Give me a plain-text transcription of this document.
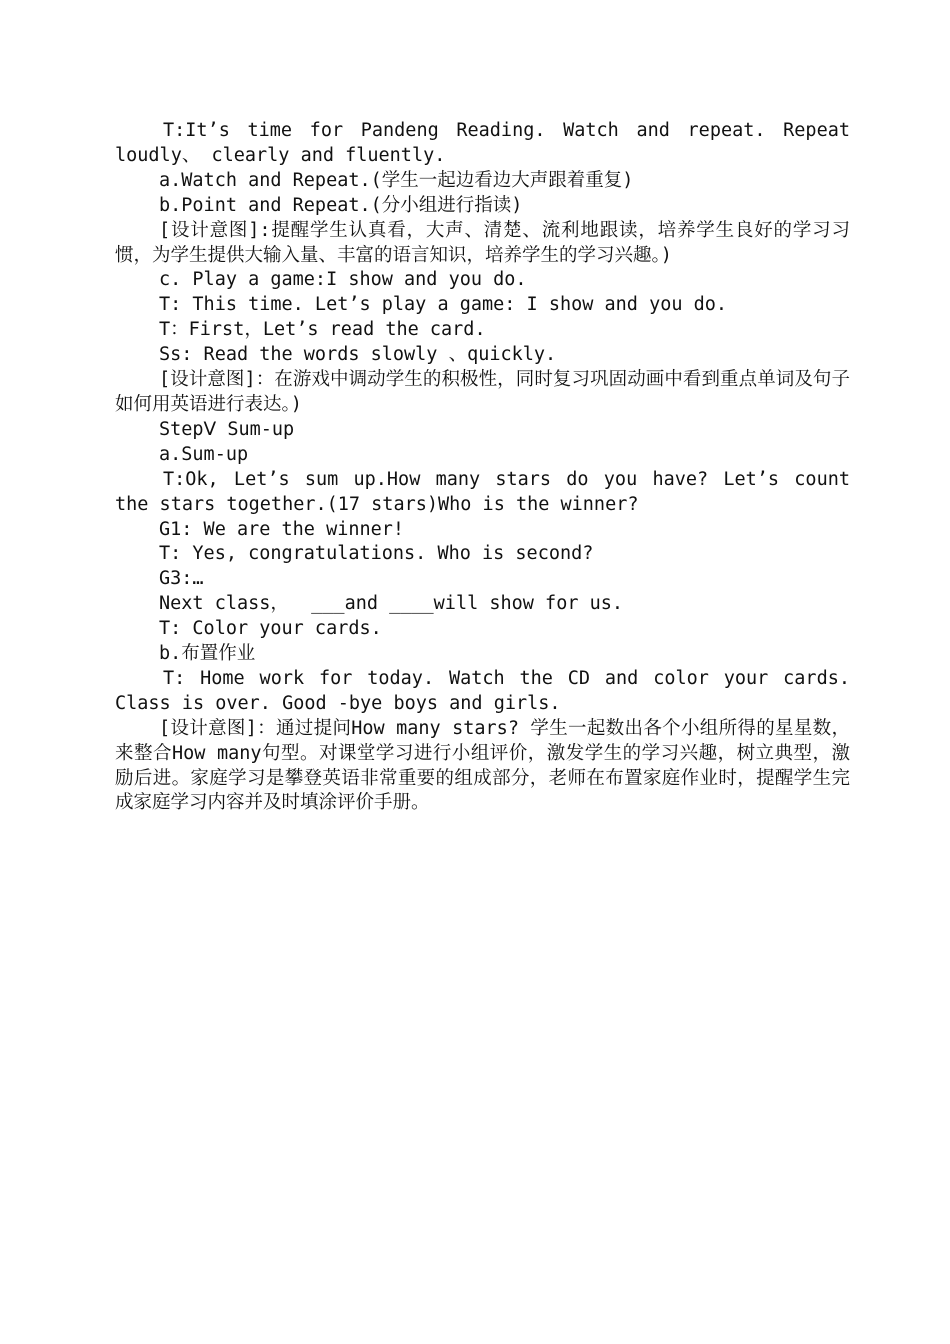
T:It’s time for Pandeng Reading. Watch and repeat. Repeat loudly、 clearly and fluently.

a.Watch and Repeat.(学生一起边看边大声跟着重复)

b.Point and Repeat.(分小组进行指读)

[设计意图]:提醒学生认真看，大声、清楚、流利地跟读，培养学生良好的学习习惯，为学生提供大输入量、丰富的语言知识，培养学生的学习兴趣。)

c. Play a game:I show and you do.

T: This time. Let’s play a game: I show and you do.

T：First，Let’s read the card.

Ss: Read the words slowly 、quickly.

[设计意图]：在游戏中调动学生的积极性，同时复习巩固动画中看到重点单词及句子如何用英语进行表达。)

StepⅤ Sum-up

a.Sum-up

T:Ok, Let’s sum up.How many stars do you have? Let’s count the stars together.(17 stars)Who is the winner?

G1: We are the winner!

T: Yes, congratulations. Who is second?

G3:…

Next class，  ___and ____will show for us.

T: Color your cards.

b.布置作业

T: Home work for today. Watch the CD and color your cards. Class is over. Good -bye boys and girls.

[设计意图]：通过提问How many stars? 学生一起数出各个小组所得的星星数，来整合How many句型。对课堂学习进行小组评价，激发学生的学习兴趣，树立典型，激励后进。家庭学习是攀登英语非常重要的组成部分，老师在布置家庭作业时，提醒学生完成家庭学习内容并及时填涂评价手册。
